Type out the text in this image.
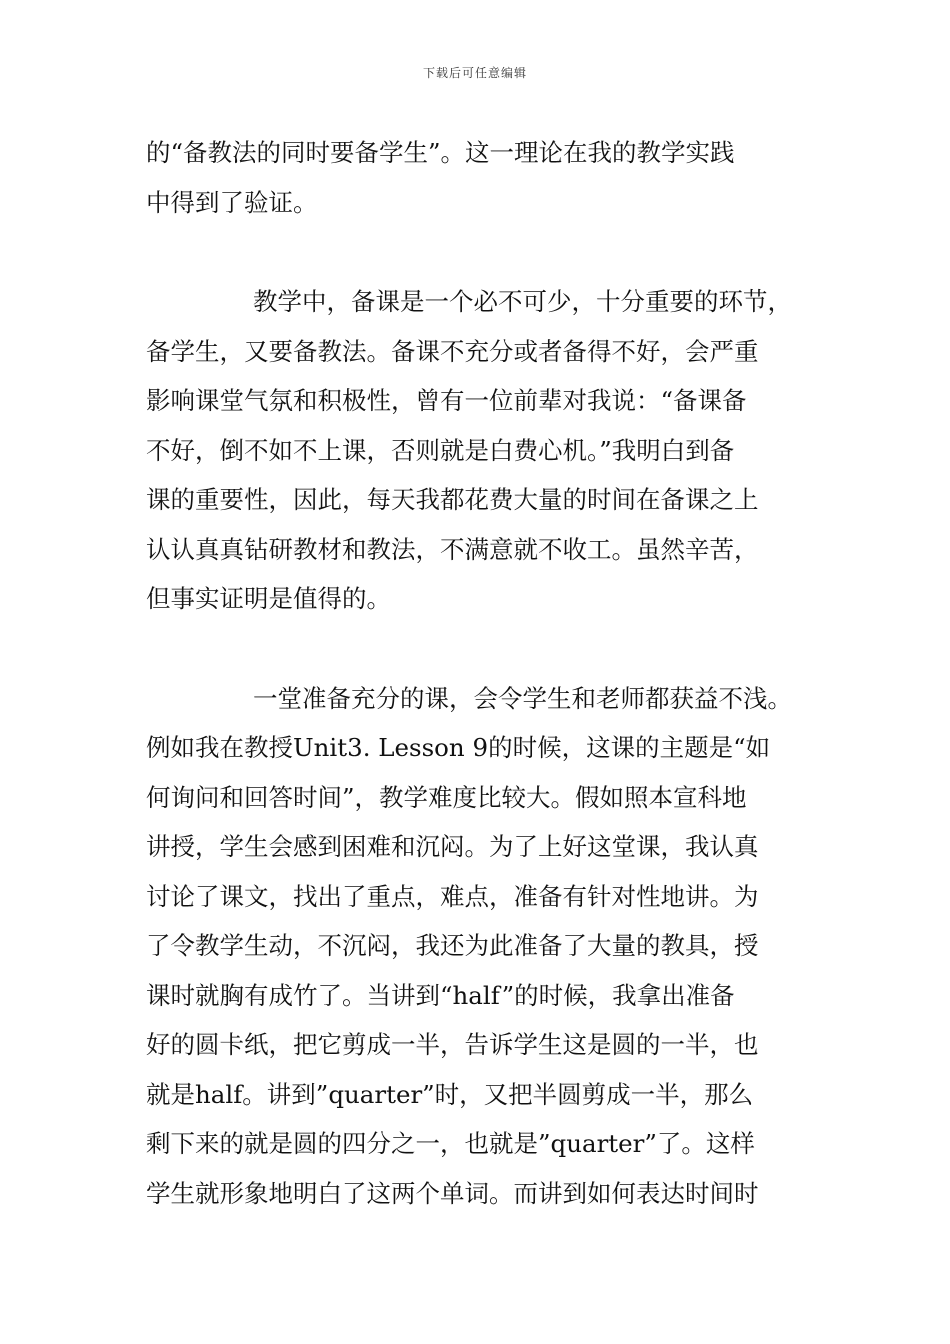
下载后可任意编辑
的“备教法的同时要备学生”。这一理论在我的教学实践
中得到了验证。
教学中，备课是一个必不可少，十分重要的环节，
备学生，又要备教法。备课不充分或者备得不好，会严重
影响课堂气氛和积极性，曾有一位前辈对我说：“备课备
不好，倒不如不上课，否则就是白费心机。”我明白到备
课的重要性，因此，每天我都花费大量的时间在备课之上
认认真真钻研教材和教法，不满意就不收工。虽然辛苦，
但事实证明是值得的。
一堂准备充分的课，会令学生和老师都获益不浅。
例如我在教授Unit3. Lesson 9的时候，这课的主题是“如
何询问和回答时间”，教学难度比较大。假如照本宣科地
讲授，学生会感到困难和沉闷。为了上好这堂课，我认真
讨论了课文，找出了重点，难点，准备有针对性地讲。为
了令教学生动，不沉闷，我还为此准备了大量的教具，授
课时就胸有成竹了。当讲到“half”的时候，我拿出准备
好的圆卡纸，把它剪成一半，告诉学生这是圆的一半，也
就是half。讲到”quarter”时，又把半圆剪成一半，那么
剩下来的就是圆的四分之一，也就是”quarter”了。这样
学生就形象地明白了这两个单词。而讲到如何表达时间时
